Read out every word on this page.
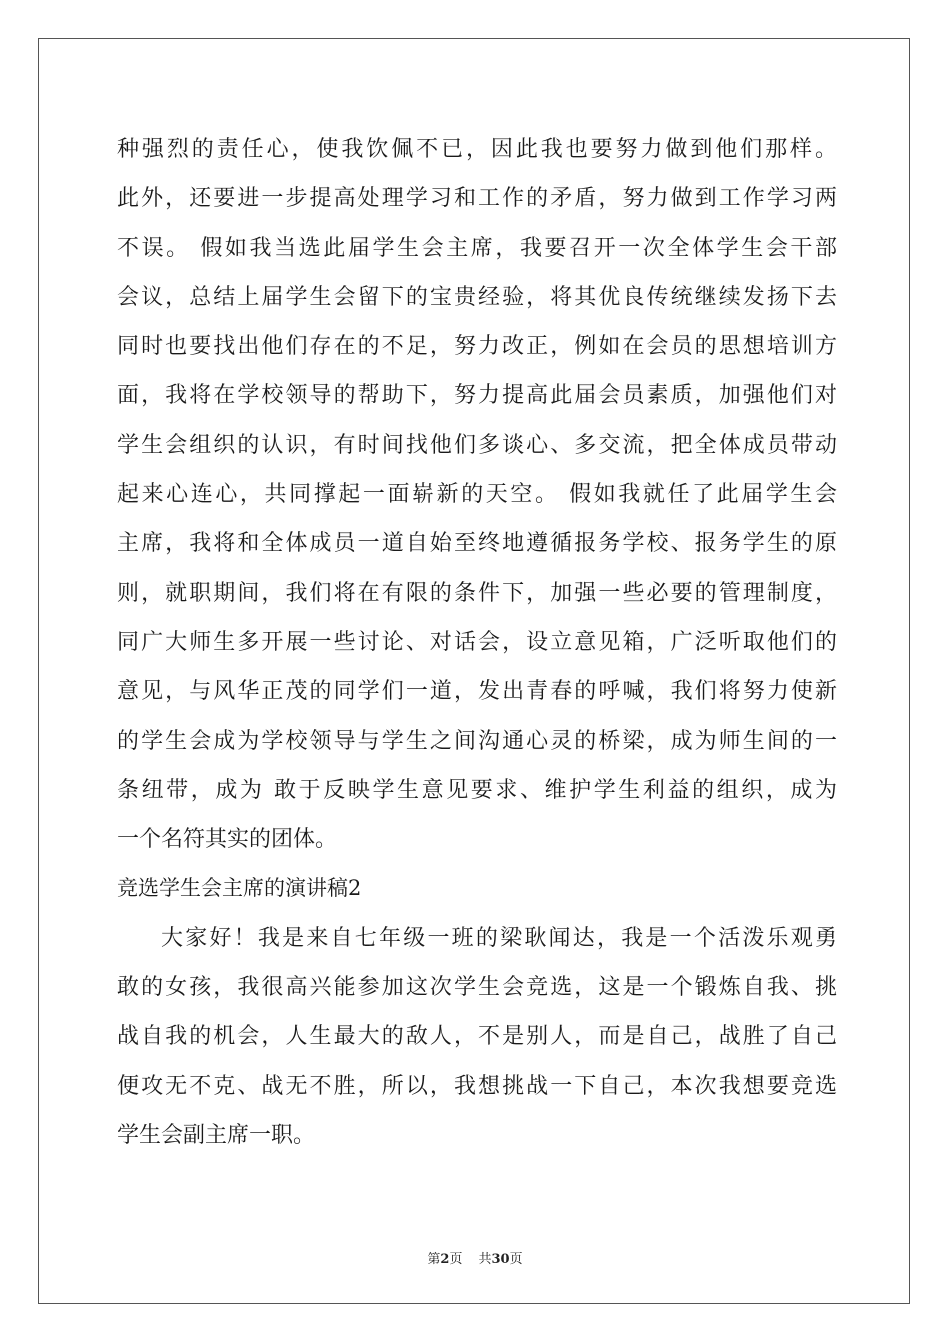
种强烈的责任心，使我饮佩不已，因此我也要努力做到他们那样。
此外，还要进一步提高处理学习和工作的矛盾，努力做到工作学习两
不误。 假如我当选此届学生会主席，我要召开一次全体学生会干部
会议，总结上届学生会留下的宝贵经验，将其优良传统继续发扬下去
同时也要找出他们存在的不足，努力改正，例如在会员的思想培训方
面，我将在学校领导的帮助下，努力提高此届会员素质，加强他们对
学生会组织的认识，有时间找他们多谈心、多交流，把全体成员带动
起来心连心，共同撑起一面崭新的天空。 假如我就任了此届学生会
主席，我将和全体成员一道自始至终地遵循报务学校、报务学生的原
则，就职期间，我们将在有限的条件下，加强一些必要的管理制度，
同广大师生多开展一些讨论、对话会，设立意见箱，广泛听取他们的
意见，与风华正茂的同学们一道，发出青春的呼喊，我们将努力使新
的学生会成为学校领导与学生之间沟通心灵的桥梁，成为师生间的一
条纽带，成为 敢于反映学生意见要求、维护学生利益的组织，成为
一个名符其实的团体。
竞选学生会主席的演讲稿2
大家好！我是来自七年级一班的梁耿闻达，我是一个活泼乐观勇
敢的女孩，我很高兴能参加这次学生会竞选，这是一个锻炼自我、挑
战自我的机会，人生最大的敌人，不是别人，而是自己，战胜了自己
便攻无不克、战无不胜，所以，我想挑战一下自己，本次我想要竞选
学生会副主席一职。
第2页 共30页
